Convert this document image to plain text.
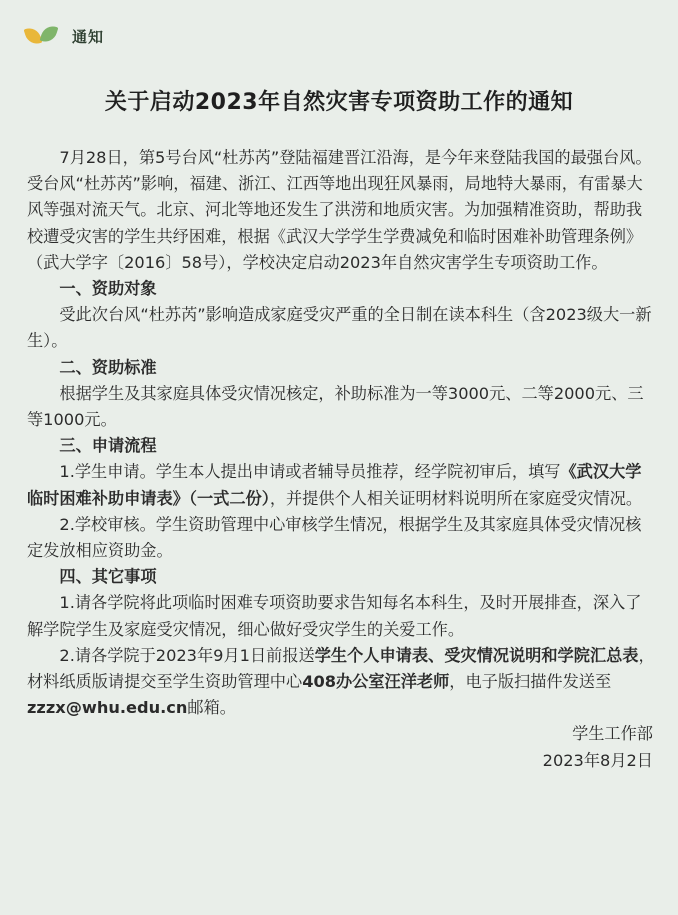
通知
关于启动2023年自然灾害专项资助工作的通知

7月28日，第5号台风“杜苏芮”登陆福建晋江沿海，是今年来登陆我国的最强台风。受台风“杜苏芮”影响，福建、浙江、江西等地出现狂风暴雨，局地特大暴雨，有雷暴大风等强对流天气。北京、河北等地还发生了洪涝和地质灾害。为加强精准资助，帮助我校遭受灾害的学生共纾困难，根据《武汉大学学生学费减免和临时困难补助管理条例》（武大学字〔2016〕58号），学校决定启动2023年自然灾害学生专项资助工作。

一、资助对象

受此次台风“杜苏芮”影响造成家庭受灾严重的全日制在读本科生（含2023级大一新生）。

二、资助标准

根据学生及其家庭具体受灾情况核定，补助标准为一等3000元、二等2000元、三等1000元。

三、申请流程

1.学生申请。学生本人提出申请或者辅导员推荐，经学院初审后，填写《武汉大学临时困难补助申请表》（一式二份），并提供个人相关证明材料说明所在家庭受灾情况。

2.学校审核。学生资助管理中心审核学生情况，根据学生及其家庭具体受灾情况核定发放相应资助金。

四、其它事项

1.请各学院将此项临时困难专项资助要求告知每名本科生，及时开展排查，深入了解学院学生及家庭受灾情况，细心做好受灾学生的关爱工作。

2.请各学院于2023年9月1日前报送学生个人申请表、受灾情况说明和学院汇总表，材料纸质版请提交至学生资助管理中心408办公室汪洋老师，电子版扫描件发送至zzzx@whu.edu.cn邮箱。

学生工作部

2023年8月2日
